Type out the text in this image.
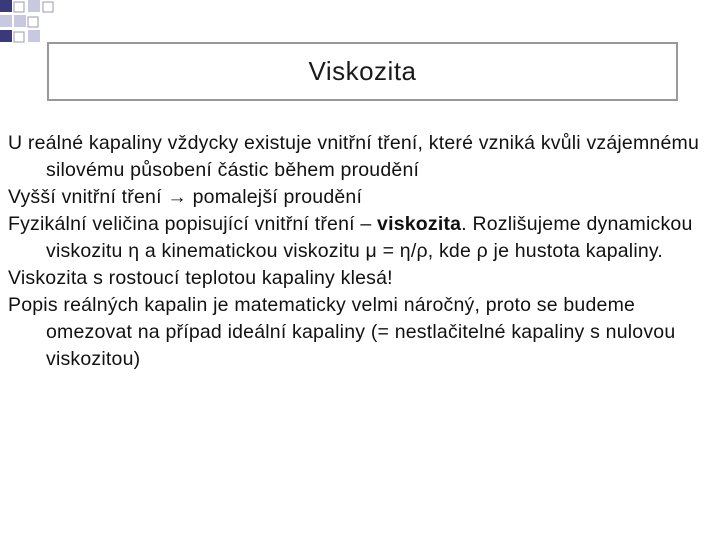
Viskozita

U reálné kapaliny vždycky existuje vnitřní tření, které vzniká kvůli vzájemnému silovému působení částic během proudění

Vyšší vnitřní tření → pomalejší proudění

Fyzikální veličina popisující vnitřní tření – viskozita. Rozlišujeme dynamickou viskozitu η a kinematickou viskozitu μ = η/ρ, kde ρ je hustota kapaliny.

Viskozita s rostoucí teplotou kapaliny klesá!

Popis reálných kapalin je matematicky velmi náročný, proto se budeme omezovat na případ ideální kapaliny (= nestlačitelné kapaliny s nulovou viskozitou)
